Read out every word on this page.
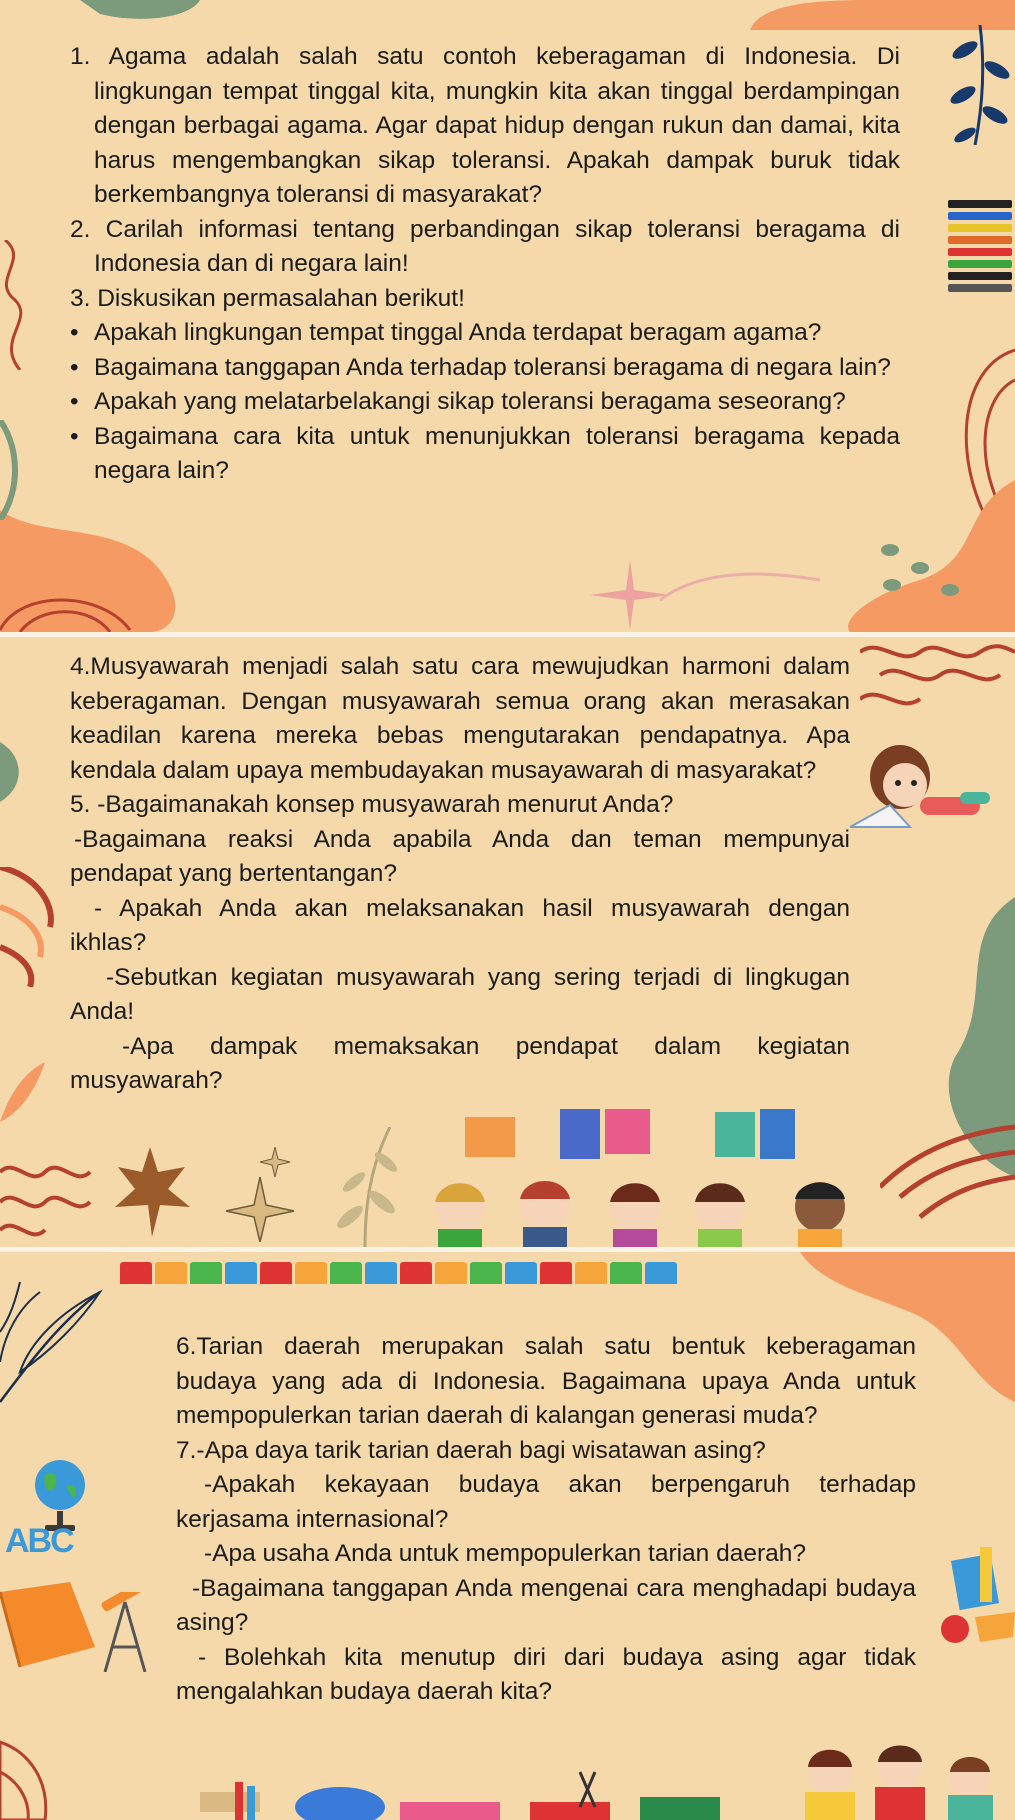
1. Agama adalah salah satu contoh keberagaman di Indonesia. Di lingkungan tempat tinggal kita, mungkin kita akan tinggal berdampingan dengan berbagai agama. Agar dapat hidup dengan rukun dan damai, kita harus mengembangkan sikap toleransi. Apakah dampak buruk tidak berkembangnya toleransi di masyarakat?

2. Carilah informasi tentang perbandingan sikap toleransi beragama di Indonesia dan di negara lain!

3. Diskusikan permasalahan berikut!

• Apakah lingkungan tempat tinggal Anda terdapat beragam agama?
• Bagaimana tanggapan Anda terhadap toleransi beragama di negara lain?
• Apakah yang melatarbelakangi sikap toleransi beragama seseorang?
• Bagaimana cara kita untuk menunjukkan toleransi beragama kepada negara lain?

4.Musyawarah menjadi salah satu cara mewujudkan harmoni dalam keberagaman. Dengan musyawarah semua orang akan merasakan keadilan karena mereka bebas mengutarakan pendapatnya. Apa kendala dalam upaya membudayakan musayawarah di masyarakat?

5. -Bagaimanakah konsep musyawarah menurut Anda?

-Bagaimana reaksi Anda apabila Anda dan teman mempunyai pendapat yang bertentangan?

- Apakah Anda akan melaksanakan hasil musyawarah dengan ikhlas?

-Sebutkan kegiatan musyawarah yang sering terjadi di lingkugan Anda!

-Apa dampak memaksakan pendapat dalam kegiatan musyawarah?

ABC

6.Tarian daerah merupakan salah satu bentuk keberagaman budaya yang ada di Indonesia. Bagaimana upaya Anda untuk mempopulerkan tarian daerah di kalangan generasi muda?

7.-Apa daya tarik tarian daerah bagi wisatawan asing?

-Apakah kekayaan budaya akan berpengaruh terhadap kerjasama internasional?

-Apa usaha Anda untuk mempopulerkan tarian daerah?

-Bagaimana tanggapan Anda mengenai cara menghadapi budaya asing?

- Bolehkah kita menutup diri dari budaya asing agar tidak mengalahkan budaya daerah kita?
